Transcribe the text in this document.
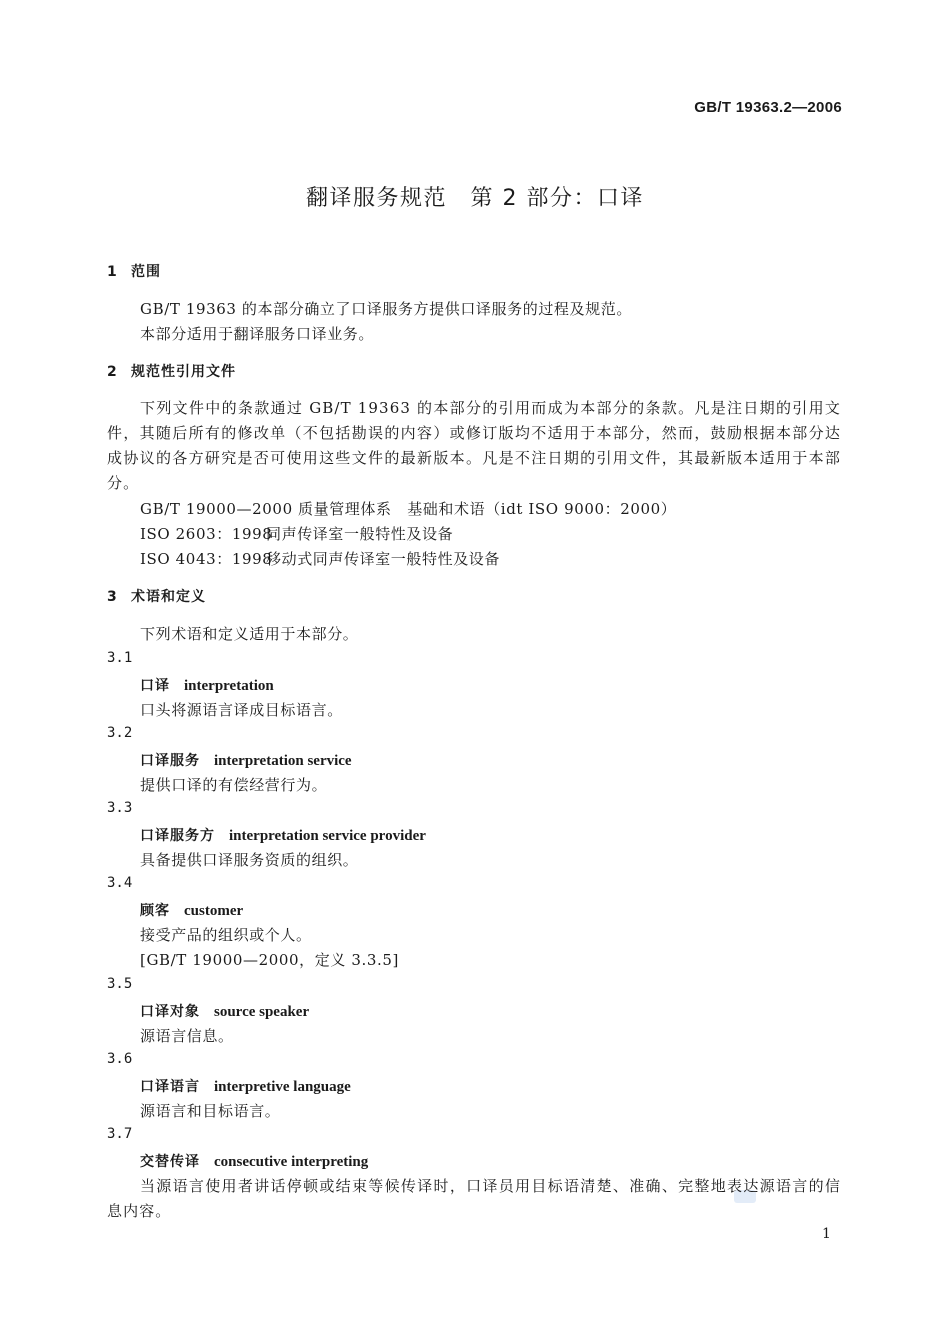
GB/T 19363.2—2006
翻译服务规范　第 2 部分：口译
1 范围
GB/T 19363 的本部分确立了口译服务方提供口译服务的过程及规范。
本部分适用于翻译服务口译业务。
2 规范性引用文件
下列文件中的条款通过 GB/T 19363 的本部分的引用而成为本部分的条款。凡是注日期的引用文件，其随后所有的修改单（不包括勘误的内容）或修订版均不适用于本部分，然而，鼓励根据本部分达成协议的各方研究是否可使用这些文件的最新版本。凡是不注日期的引用文件，其最新版本适用于本部分。
GB/T 19000—2000 质量管理体系　基础和术语（idt ISO 9000：2000）
ISO 2603：1998同声传译室一般特性及设备
ISO 4043：1998移动式同声传译室一般特性及设备
3 术语和定义
下列术语和定义适用于本部分。
3.1
口译 interpretation
口头将源语言译成目标语言。
3.2
口译服务 interpretation service
提供口译的有偿经营行为。
3.3
口译服务方 interpretation service provider
具备提供口译服务资质的组织。
3.4
顾客 customer
接受产品的组织或个人。
[GB/T 19000—2000，定义 3.3.5]
3.5
口译对象 source speaker
源语言信息。
3.6
口译语言 interpretive language
源语言和目标语言。
3.7
交替传译 consecutive interpreting
当源语言使用者讲话停顿或结束等候传译时，口译员用目标语清楚、准确、完整地表达源语言的信息内容。
1
